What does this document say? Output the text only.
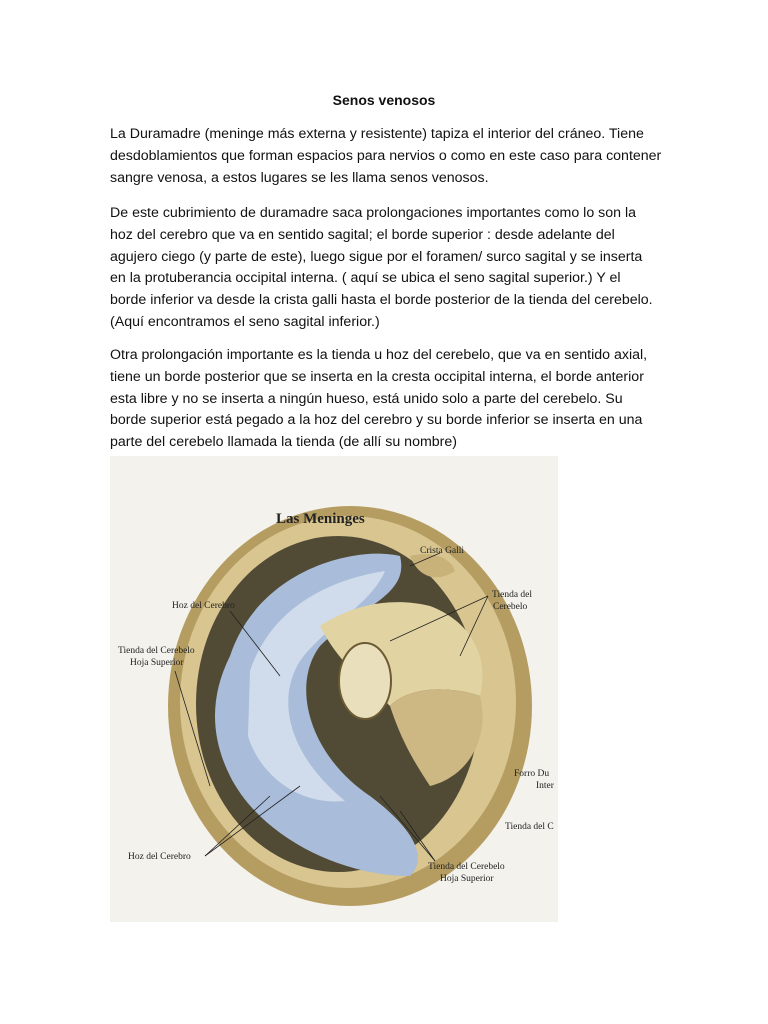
Senos venosos
La Duramadre (meninge más externa y resistente) tapiza el interior del cráneo. Tiene
desdoblamientos que forman espacios para nervios o como en este caso para contener
sangre venosa, a estos lugares se les llama senos venosos.
De este cubrimiento de duramadre saca prolongaciones importantes como lo son la
hoz del cerebro que va en sentido sagital; el borde superior : desde adelante del
agujero ciego (y parte de este), luego sigue por el foramen/ surco sagital y se inserta
en la protuberancia occipital interna. ( aquí se ubica el seno sagital superior.) Y el
borde inferior va desde la crista galli hasta el borde posterior de la tienda del cerebelo.
(Aquí encontramos el seno sagital inferior.)
Otra prolongación importante es la tienda u hoz del cerebelo, que va en sentido axial,
tiene un borde posterior que se inserta en la cresta occipital interna, el borde anterior
esta libre y no se inserta a ningún hueso, está unido solo a parte del cerebelo. Su
borde superior está pegado a la hoz del cerebro y su borde inferior se inserta en una
parte del cerebelo llamada la tienda (de allí su nombre)
Las Meninges
Crista Galli
Tienda del
Cerebelo
Hoz del Cerebro
Tienda del Cerebelo
Hoja Superior
Forro Du
Inter
Tienda del C
Hoz del Cerebro
Tienda del Cerebelo
Hoja Superior
